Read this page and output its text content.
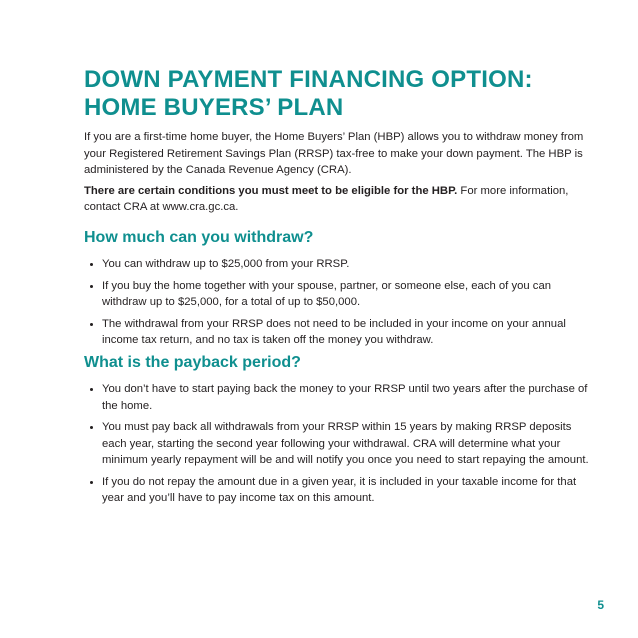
DOWN PAYMENT FINANCING OPTION:
HOME BUYERS’ PLAN

If you are a first-time home buyer, the Home Buyers’ Plan (HBP) allows you to withdraw money from your Registered Retirement Savings Plan (RRSP) tax-free to make your down payment. The HBP is administered by the Canada Revenue Agency (CRA).

There are certain conditions you must meet to be eligible for the HBP. For more information, contact CRA at www.cra.gc.ca.

How much can you withdraw?
You can withdraw up to $25,000 from your RRSP.
If you buy the home together with your spouse, partner, or someone else, each of you can withdraw up to $25,000, for a total of up to $50,000.
The withdrawal from your RRSP does not need to be included in your income on your annual income tax return, and no tax is taken off the money you withdraw.
What is the payback period?
You don’t have to start paying back the money to your RRSP until two years after the purchase of the home.
You must pay back all withdrawals from your RRSP within 15 years by making RRSP deposits each year, starting the second year following your withdrawal. CRA will determine what your minimum yearly repayment will be and will notify you once you need to start repaying the amount.
If you do not repay the amount due in a given year, it is included in your taxable income for that year and you’ll have to pay income tax on this amount.
5
